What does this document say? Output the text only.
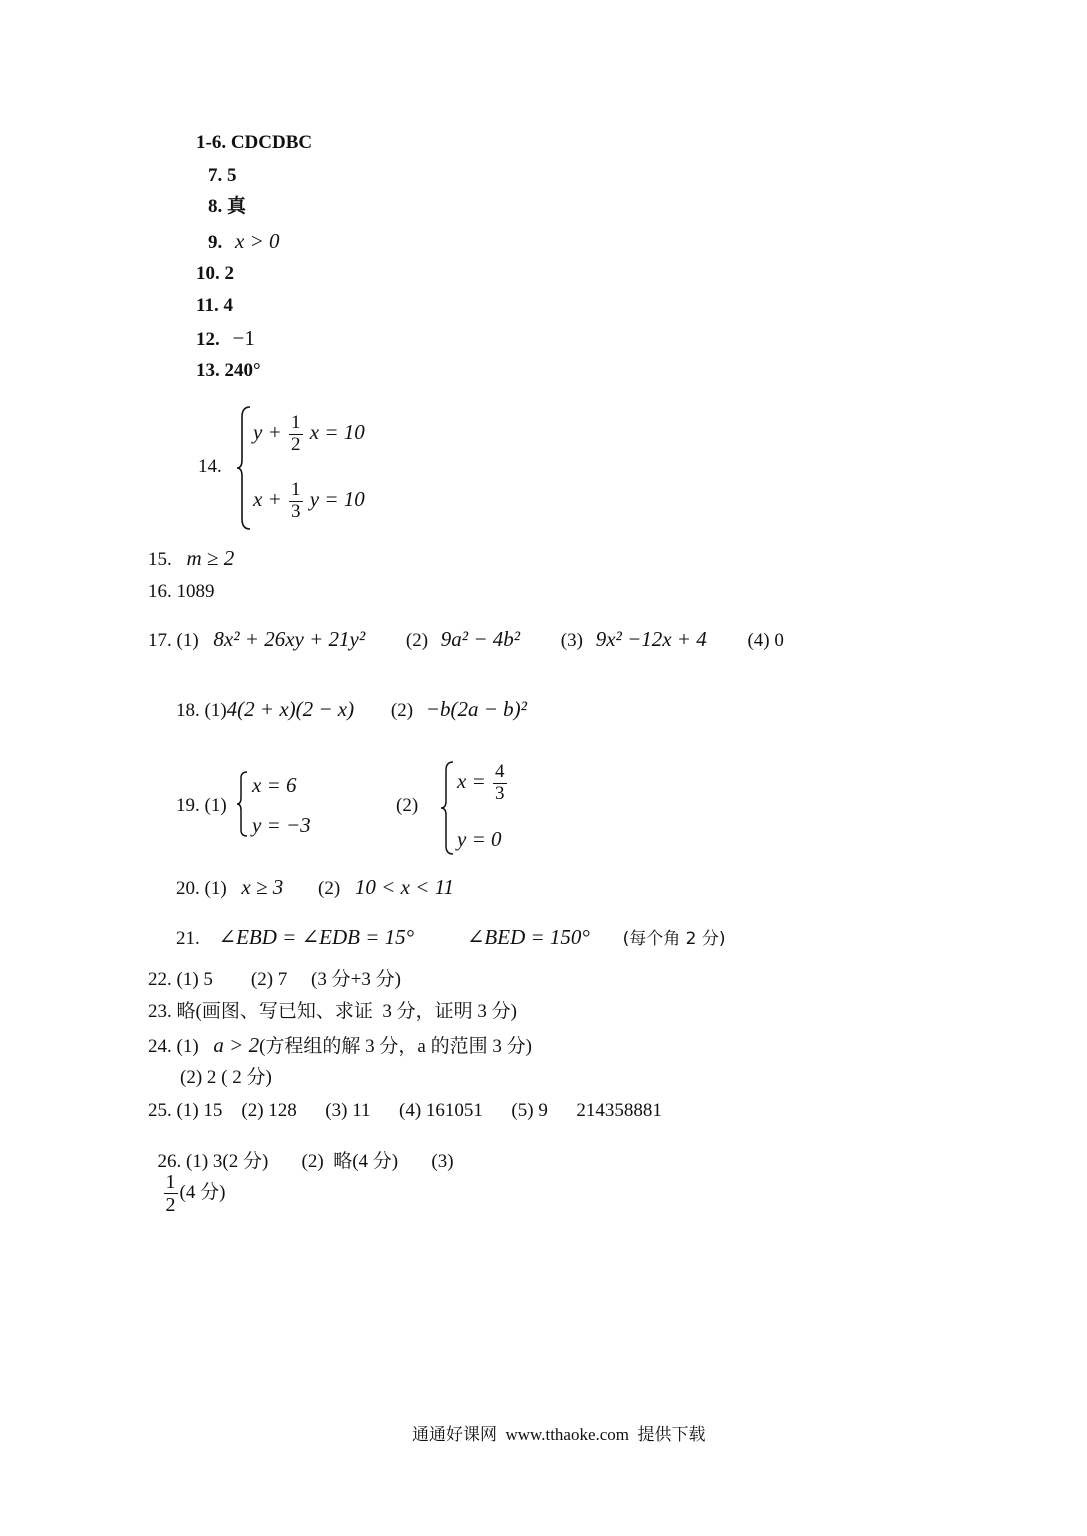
1-6. CDCDBC
7. 5
8. 真
9. x > 0
10. 2
11. 4
12. −1
13. 240°
14.
$y + \frac{1}{2}$ x = 10
$x + \frac{1}{3}$ y = 10
15. m ≥ 2
16. 1089
17. (1) 8x² + 26xy + 21y² (2) 9a² − 4b² (3) 9x² −12x + 4 (4) 0
18. (1)4(2 + x)(2 − x) (2) −b(2a − b)²
19. (1)
x = 6
y = −3
(2)
$x = \frac{4}{3}$
y = 0
20. (1) x ≥ 3 (2) 10 < x < 11
21. ∠EBD = ∠EDB = 15°	∠BED = 150° (每个角 2 分)
22. (1) 5        (2) 7     (3 分+3 分)
23. 略(画图、写已知、求证  3 分，证明 3 分)
24. (1) a > 2(方程组的解 3 分，a 的范围 3 分)
(2) 2 ( 2 分)
25. (1) 15    (2) 128      (3) 11      (4) 161051      (5) 9      214358881

26. (1) 3(2 分)       (2)  略(4 分)       (3)

$\frac{1}{2} (4$ 分)

通通好课网  www.tthaoke.com  提供下载
